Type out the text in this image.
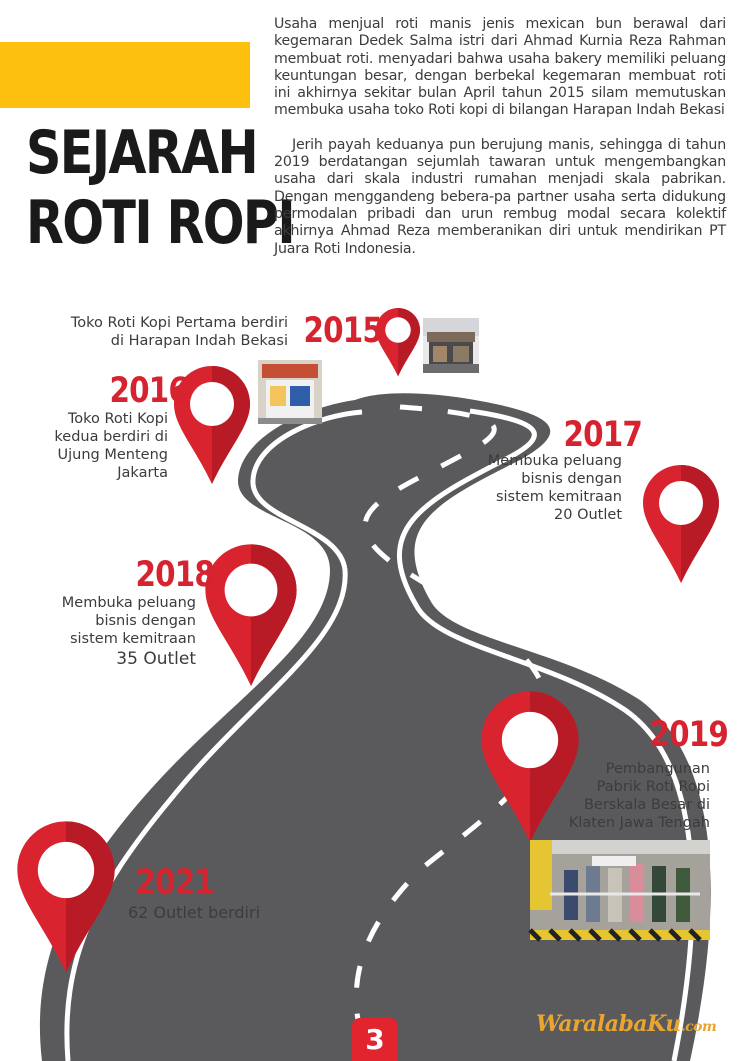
SEJARAH
ROTI ROPI

Usaha menjual roti manis jenis mexican bun berawal dari kegemaran Dedek Salma istri dari Ahmad Kurnia Reza Rahman membuat roti. menyadari bahwa usaha bakery memiliki peluang keuntungan besar, dengan berbekal kegemaran membuat roti ini akhirnya sekitar bulan April tahun 2015 silam memutuskan membuka usaha toko Roti kopi di bilangan Harapan Indah Bekasi

Jerih payah keduanya pun berujung manis, sehingga di tahun 2019 berdatangan sejumlah tawaran untuk mengembangkan usaha dari skala industri rumahan menjadi skala pabrikan. Dengan menggandeng bebera-pa partner usaha serta didukung permodalan pribadi dan urun rembug modal secara kolektif akhirnya Ahmad Reza memberanikan diri untuk mendirikan PT Juara Roti Indonesia.

Toko Roti Kopi Pertama berdiri
di Harapan Indah Bekasi 2015
2016
Toko Roti Kopi
kedua berdiri di
Ujung Menteng
Jakarta
2017
Membuka peluang
bisnis dengan
sistem kemitraan
20 Outlet
2018
Membuka peluang
bisnis dengan
sistem kemitraan
35 Outlet
2019
Pembangunan
Pabrik Roti Ropi
Berskala Besar di
Klaten Jawa Tengah
2021
62 Outlet berdiri
3	WaralabaKu.com
